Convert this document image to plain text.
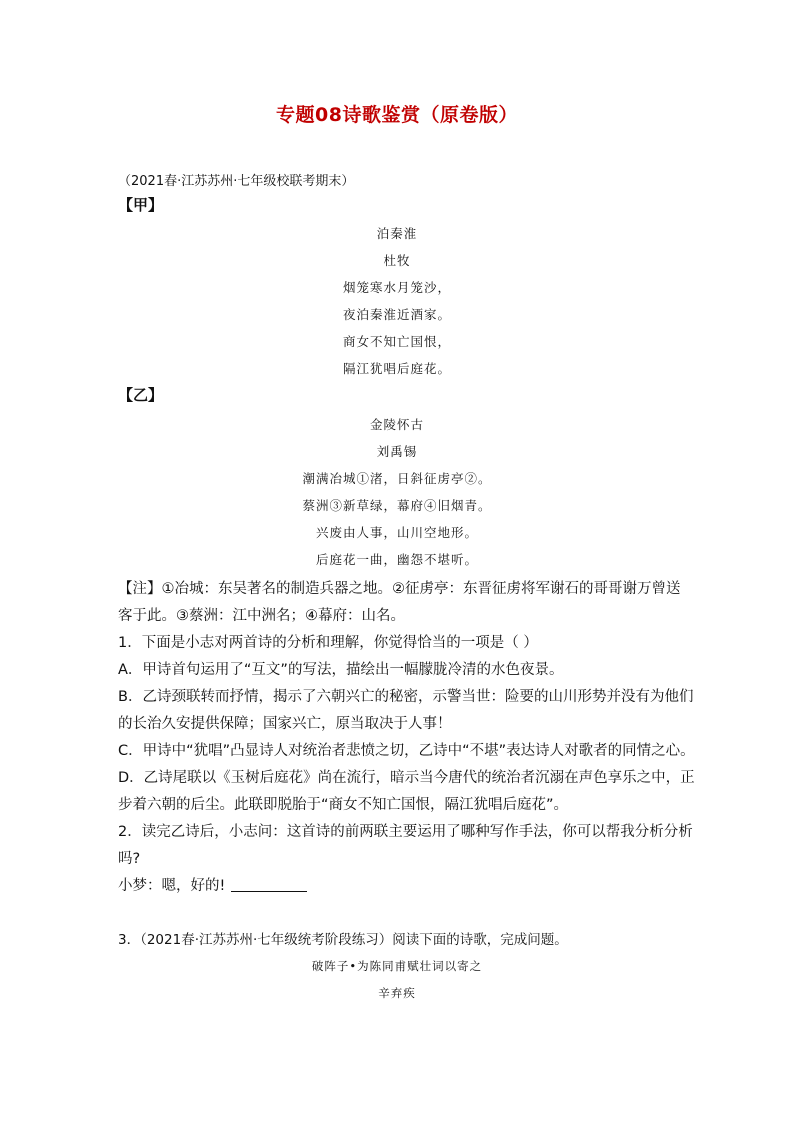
专题08诗歌鉴赏（原卷版）
（2021春·江苏苏州·七年级校联考期末）
【甲】
泊秦淮
杜牧
烟笼寒水月笼沙，
夜泊秦淮近酒家。
商女不知亡国恨，
隔江犹唱后庭花。
【乙】
金陵怀古
刘禹锡
潮满冶城①渚，日斜征虏亭②。
蔡洲③新草绿，幕府④旧烟青。
兴废由人事，山川空地形。
后庭花一曲，幽怨不堪听。
【注】①冶城：东吴著名的制造兵器之地。②征虏亭：东晋征虏将军谢石的哥哥谢万曾送
客于此。③蔡洲：江中洲名；④幕府：山名。
1．下面是小志对两首诗的分析和理解，你觉得恰当的一项是（ ）
A．甲诗首句运用了“互文”的写法，描绘出一幅朦胧冷清的水色夜景。
B．乙诗颈联转而抒情，揭示了六朝兴亡的秘密，示警当世：险要的山川形势并没有为他们
的长治久安提供保障；国家兴亡，原当取决于人事！
C．甲诗中“犹唱”凸显诗人对统治者悲愤之切，乙诗中“不堪”表达诗人对歌者的同情之心。
D．乙诗尾联以《玉树后庭花》尚在流行，暗示当今唐代的统治者沉溺在声色享乐之中，正
步着六朝的后尘。此联即脱胎于“商女不知亡国恨，隔江犹唱后庭花”。
2．读完乙诗后，小志问：这首诗的前两联主要运用了哪种写作手法，你可以帮我分析分析
吗?
小梦：嗯，好的!
3．（2021春·江苏苏州·七年级统考阶段练习）阅读下面的诗歌，完成问题。
破阵子•为陈同甫赋壮词以寄之
辛弃疾
